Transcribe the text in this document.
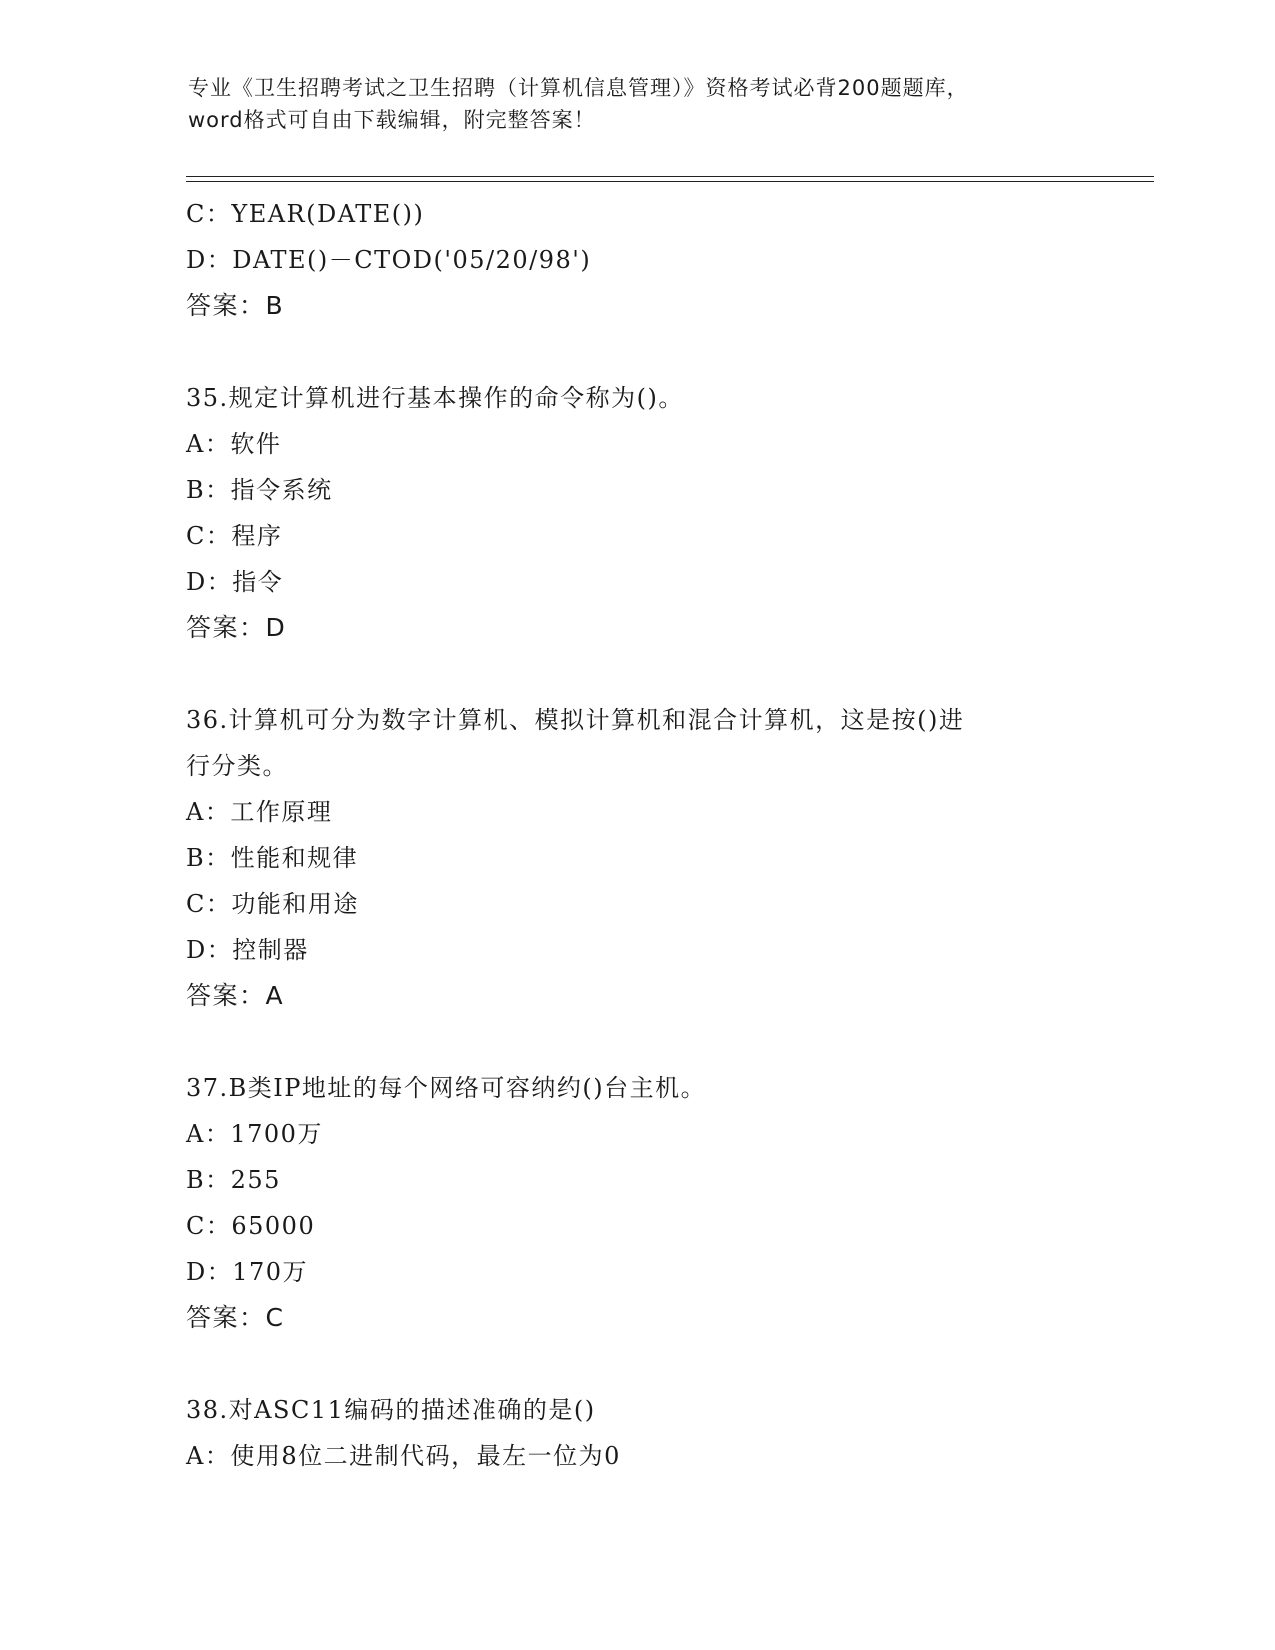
专业《卫生招聘考试之卫生招聘（计算机信息管理）》资格考试必背200题题库，
word格式可自由下载编辑，附完整答案！
C：YEAR(DATE())
D：DATE()－CTOD('05/20/98')
答案：B
35.规定计算机进行基本操作的命令称为()。
A：软件
B：指令系统
C：程序
D：指令
答案：D
36.计算机可分为数字计算机、模拟计算机和混合计算机，这是按()进
行分类。
A：工作原理
B：性能和规律
C：功能和用途
D：控制器
答案：A
37.B类IP地址的每个网络可容纳约()台主机。
A：1700万
B：255
C：65000
D：170万
答案：C
38.对ASC11编码的描述准确的是()
A：使用8位二进制代码，最左一位为0
